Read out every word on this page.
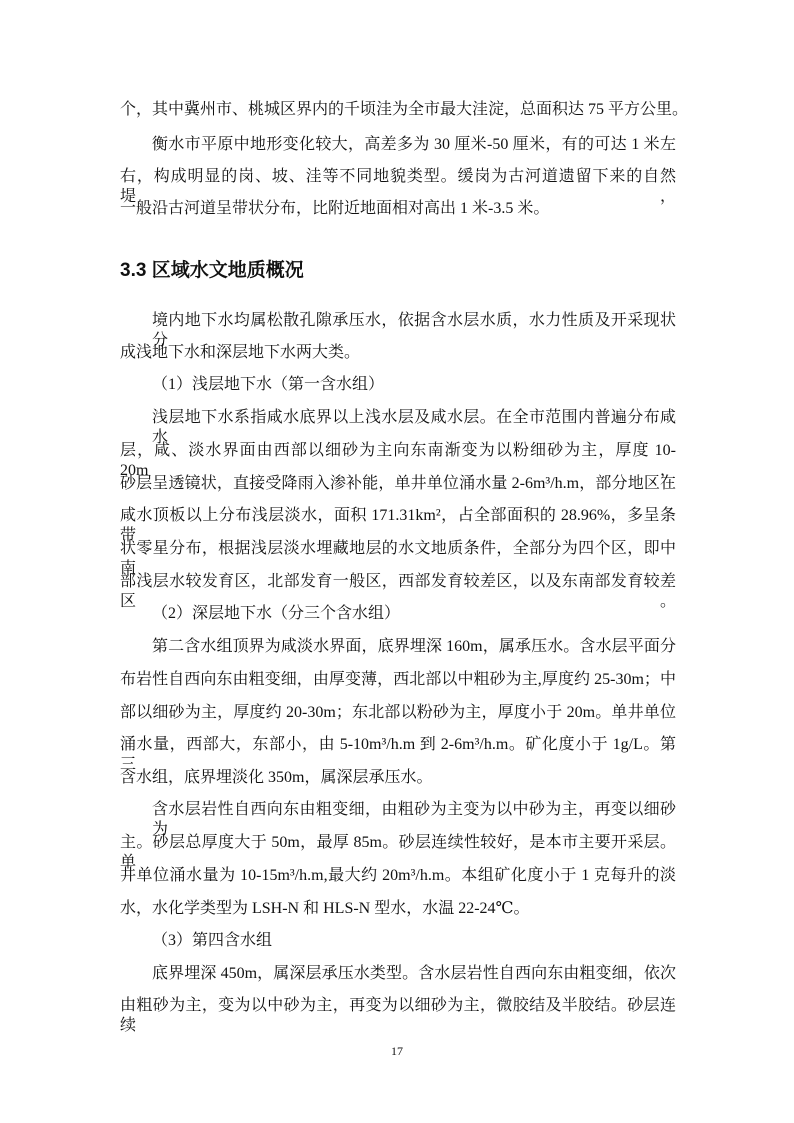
3.3 区域水文地质概况
个，其中冀州市、桃城区界内的千顷洼为全市最大洼淀，总面积达 75 平方公里。
衡水市平原中地形变化较大，高差多为 30 厘米-50 厘米，有的可达 1 米左
右，构成明显的岗、坡、洼等不同地貌类型。缓岗为古河道遗留下来的自然堤，
一般沿古河道呈带状分布，比附近地面相对高出 1 米-3.5 米。
境内地下水均属松散孔隙承压水，依据含水层水质，水力性质及开采现状分
成浅地下水和深层地下水两大类。
（1）浅层地下水（第一含水组）
浅层地下水系指咸水底界以上浅水层及咸水层。在全市范围内普遍分布咸水
层，咸、淡水界面由西部以细砂为主向东南渐变为以粉细砂为主，厚度 10-20m，
砂层呈透镜状，直接受降雨入渗补能，单井单位涌水量 2-6m³/h.m，部分地区在
咸水顶板以上分布浅层淡水，面积 171.31km²，占全部面积的 28.96%，多呈条带
状零星分布，根据浅层淡水埋藏地层的水文地质条件，全部分为四个区，即中南
部浅层水较发育区，北部发育一般区，西部发育较差区，以及东南部发育较差区。
（2）深层地下水（分三个含水组）
第二含水组顶界为咸淡水界面，底界埋深 160m，属承压水。含水层平面分
布岩性自西向东由粗变细，由厚变薄，西北部以中粗砂为主,厚度约 25-30m；中
部以细砂为主，厚度约 20-30m；东北部以粉砂为主，厚度小于 20m。单井单位
涌水量，西部大，东部小，由 5-10m³/h.m 到 2-6m³/h.m。矿化度小于 1g/L。第三
含水组，底界埋淡化 350m，属深层承压水。
含水层岩性自西向东由粗变细，由粗砂为主变为以中砂为主，再变以细砂为
主。砂层总厚度大于 50m，最厚 85m。砂层连续性较好，是本市主要开采层。单
井单位涌水量为 10-15m³/h.m,最大约 20m³/h.m。本组矿化度小于 1 克每升的淡
水，水化学类型为 LSH-N 和 HLS-N 型水，水温 22-24℃。
（3）第四含水组
底界埋深 450m，属深层承压水类型。含水层岩性自西向东由粗变细，依次
由粗砂为主，变为以中砂为主，再变为以细砂为主，微胶结及半胶结。砂层连续
17
